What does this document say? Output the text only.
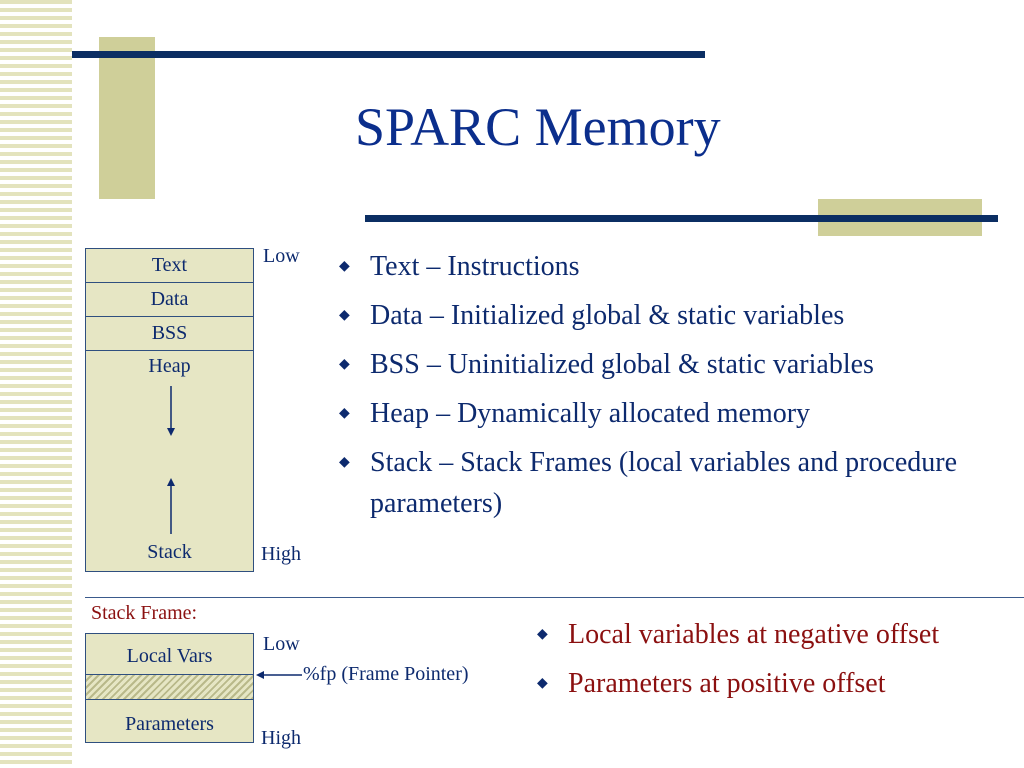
SPARC Memory
Text
Data
BSS
Heap
Stack
Low
High
◆ Text – Instructions
◆ Data – Initialized global & static variables
◆ BSS – Uninitialized global & static variables
◆ Heap – Dynamically allocated memory
◆ Stack – Stack Frames (local variables and procedure parameters)
Stack Frame:
Local Vars
Parameters
%fp (Frame Pointer)
Low
High
◆ Local variables at negative offset
◆ Parameters at positive offset
